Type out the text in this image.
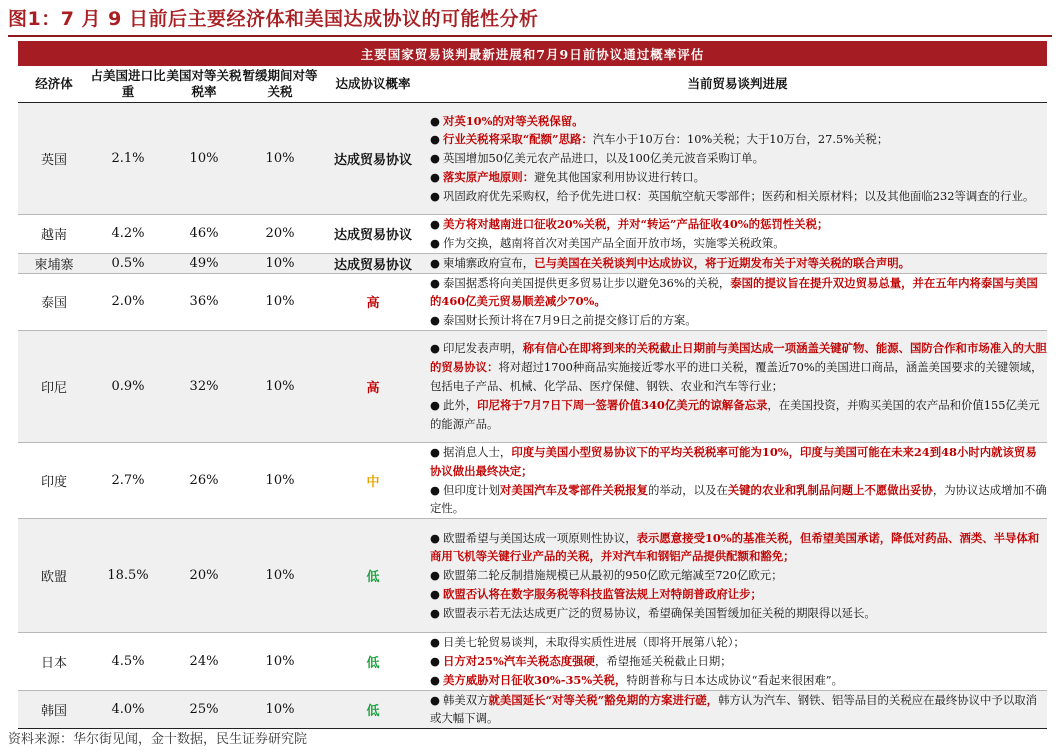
图1：7 月 9 日前后主要经济体和美国达成协议的可能性分析
主要国家贸易谈判最新进展和7月9日前协议通过概率评估					
经济体	占美国进口比重	美国对等关税税率	暂缓期间对等关税	达成协议概率	当前贸易谈判进展
英国	2.1%	10%	10%	达成贸易协议	● 对英10%的对等关税保留。
● 行业关税将采取“配额”思路：汽车小于10万台：10%关税；大于10万台，27.5%关税；
● 英国增加50亿美元农产品进口，以及100亿美元波音采购订单。
● 落实原产地原则：避免其他国家利用协议进行转口。
● 巩固政府优先采购权，给予优先进口权：英国航空航天零部件；医药和相关原材料；以及其他面临232等调查的行业。

越南	4.2%	46%	20%	达成贸易协议	● 美方将对越南进口征收20%关税，并对“转运”产品征收40%的惩罚性关税；
● 作为交换，越南将首次对美国产品全面开放市场，实施零关税政策。

柬埔寨	0.5%	49%	10%	达成贸易协议	● 柬埔寨政府宣布，已与美国在关税谈判中达成协议，将于近期发布关于对等关税的联合声明。

泰国	2.0%	36%	10%	高	● 泰国据悉将向美国提供更多贸易让步以避免36%的关税，泰国的提议旨在提升双边贸易总量，并在五年内将泰国与美国的460亿美元贸易顺差减少70%。
● 泰国财长预计将在7月9日之前提交修订后的方案。

印尼	0.9%	32%	10%	高	● 印尼发表声明，称有信心在即将到来的关税截止日期前与美国达成一项涵盖关键矿物、能源、国防合作和市场准入的大胆的贸易协议：将对超过1700种商品实施接近零水平的进口关税，覆盖近70%的美国进口商品，涵盖美国要求的关键领域，包括电子产品、机械、化学品、医疗保健、钢铁、农业和汽车等行业；
● 此外，印尼将于7月7日下周一签署价值340亿美元的谅解备忘录，在美国投资，并购买美国的农产品和价值155亿美元的能源产品。

印度	2.7%	26%	10%	中	● 据消息人士，印度与美国小型贸易协议下的平均关税税率可能为10%，印度与美国可能在未来24到48小时内就该贸易协议做出最终决定；
● 但印度计划对美国汽车及零部件关税报复的举动，以及在关键的农业和乳制品问题上不愿做出妥协，为协议达成增加不确定性。

欧盟	18.5%	20%	10%	低	● 欧盟希望与美国达成一项原则性协议，表示愿意接受10%的基准关税，但希望美国承诺，降低对药品、酒类、半导体和商用飞机等关键行业产品的关税，并对汽车和钢铝产品提供配额和豁免；
● 欧盟第二轮反制措施规模已从最初的950亿欧元缩减至720亿欧元；
● 欧盟否认将在数字服务税等科技监管法规上对特朗普政府让步；
● 欧盟表示若无法达成更广泛的贸易协议，希望确保美国暂缓加征关税的期限得以延长。

日本	4.5%	24%	10%	低	● 日美七轮贸易谈判，未取得实质性进展（即将开展第八轮）；
● 日方对25%汽车关税态度强硬，希望拖延关税截止日期；
● 美方威胁对日征收30%-35%关税，特朗普称与日本达成协议“看起来很困难”。

韩国	4.0%	25%	10%	低	● 韩美双方就美国延长“对等关税”豁免期的方案进行磋，韩方认为汽车、钢铁、铝等品目的关税应在最终协议中予以取消或大幅下调。
资料来源：华尔街见闻，金十数据，民生证券研究院
